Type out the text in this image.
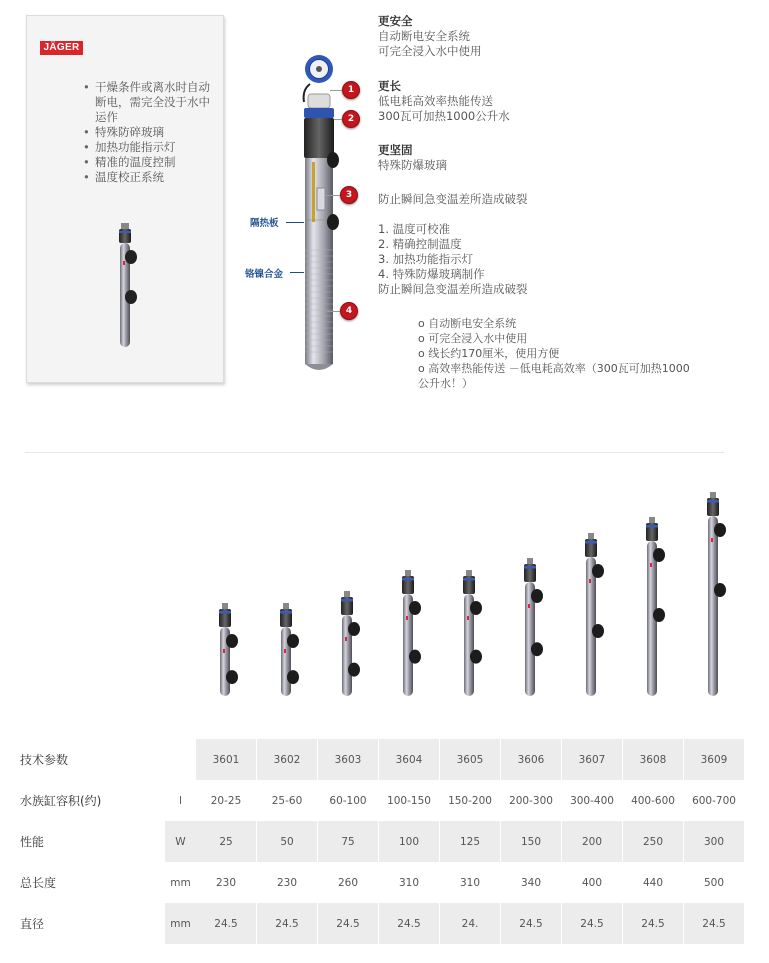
JÄGER
• 干燥条件或离水时自动断电，需完全没于水中运作
• 特殊防碎玻璃
• 加热功能指示灯
• 精准的温度控制
• 温度校正系统
1
2
3
4
隔热板
铬镍合金
更安全
自动断电安全系统
可完全浸入水中使用
更长
低电耗高效率热能传送
300瓦可加热1000公升水
更坚固
特殊防爆玻璃
防止瞬间急变温差所造成破裂
1. 温度可校准
2. 精确控制温度
3. 加热功能指示灯
4. 特殊防爆玻璃制作
防止瞬间急变温差所造成破裂
o 自动断电安全系统
o 可完全浸入水中使用
o 线长约170厘米，使用方便
o 高效率热能传送 －低电耗高效率（300瓦可加热1000
公升水！）
技术参数		3601	3602	3603	3604	3605	3606	3607	3608	3609
水族缸容积(约)	l	20-25	25-60	60-100	100-150	150-200	200-300	300-400	400-600	600-700
性能	W	25	50	75	100	125	150	200	250	300
总长度	mm	230	230	260	310	310	340	400	440	500
直径	mm	24.5	24.5	24.5	24.5	24.	24.5	24.5	24.5	24.5
